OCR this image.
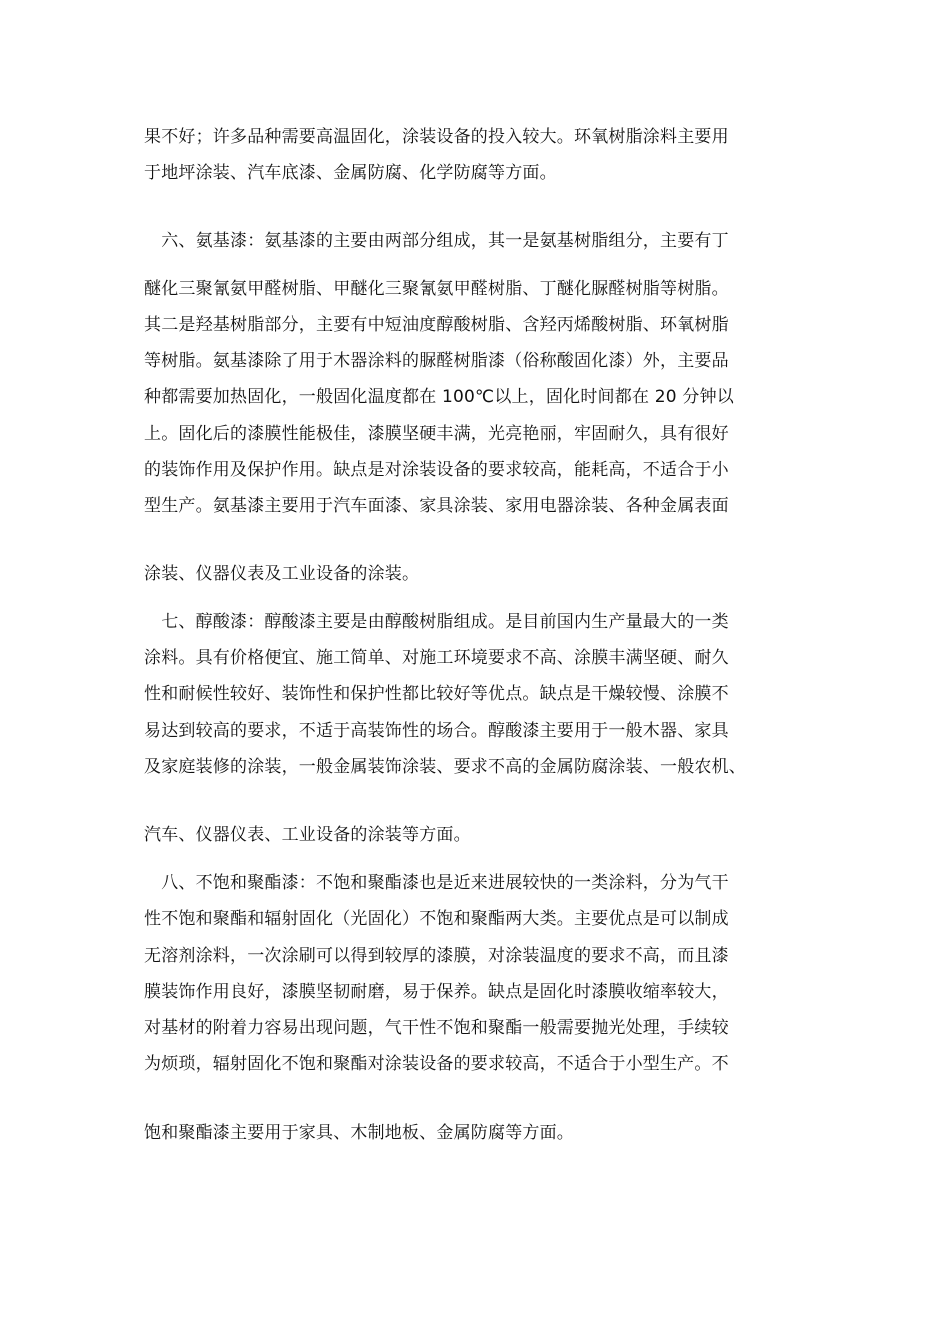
果不好；许多品种需要高温固化，涂装设备的投入较大。环氧树脂涂料主要用
于地坪涂装、汽车底漆、金属防腐、化学防腐等方面。
　六、氨基漆：氨基漆的主要由两部分组成，其一是氨基树脂组分，主要有丁
醚化三聚氰氨甲醛树脂、甲醚化三聚氰氨甲醛树脂、丁醚化脲醛树脂等树脂。
其二是羟基树脂部分，主要有中短油度醇酸树脂、含羟丙烯酸树脂、环氧树脂
等树脂。氨基漆除了用于木器涂料的脲醛树脂漆（俗称酸固化漆）外，主要品
种都需要加热固化，一般固化温度都在 100℃以上，固化时间都在 20 分钟以
上。固化后的漆膜性能极佳，漆膜坚硬丰满，光亮艳丽，牢固耐久，具有很好
的装饰作用及保护作用。缺点是对涂装设备的要求较高，能耗高，不适合于小
型生产。氨基漆主要用于汽车面漆、家具涂装、家用电器涂装、各种金属表面
涂装、仪器仪表及工业设备的涂装。
　七、醇酸漆：醇酸漆主要是由醇酸树脂组成。是目前国内生产量最大的一类
涂料。具有价格便宜、施工简单、对施工环境要求不高、涂膜丰满坚硬、耐久
性和耐候性较好、装饰性和保护性都比较好等优点。缺点是干燥较慢、涂膜不
易达到较高的要求，不适于高装饰性的场合。醇酸漆主要用于一般木器、家具
及家庭装修的涂装，一般金属装饰涂装、要求不高的金属防腐涂装、一般农机、
汽车、仪器仪表、工业设备的涂装等方面。
　八、不饱和聚酯漆：不饱和聚酯漆也是近来进展较快的一类涂料，分为气干
性不饱和聚酯和辐射固化（光固化）不饱和聚酯两大类。主要优点是可以制成
无溶剂涂料，一次涂刷可以得到较厚的漆膜，对涂装温度的要求不高，而且漆
膜装饰作用良好，漆膜坚韧耐磨，易于保养。缺点是固化时漆膜收缩率较大，
对基材的附着力容易出现问题，气干性不饱和聚酯一般需要抛光处理，手续较
为烦琐，辐射固化不饱和聚酯对涂装设备的要求较高，不适合于小型生产。不
饱和聚酯漆主要用于家具、木制地板、金属防腐等方面。
